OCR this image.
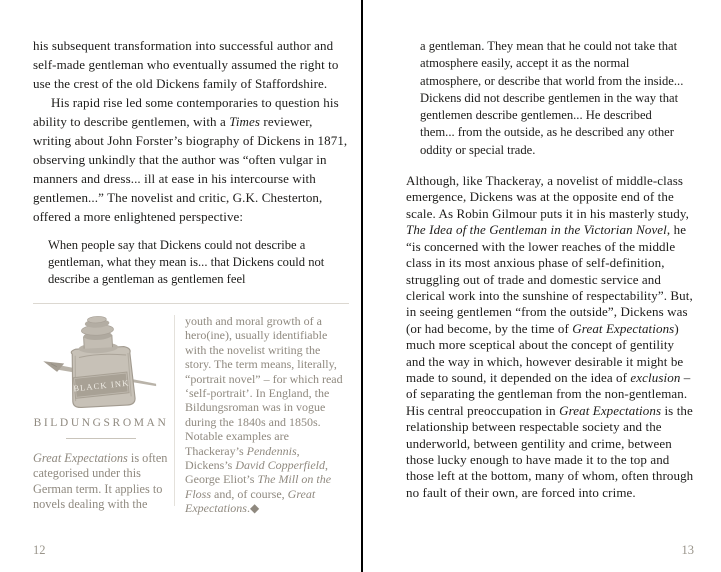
his subsequent transformation into successful author and self-made gentleman who eventually assumed the right to use the crest of the old Dickens family of Staffordshire.

His rapid rise led some contemporaries to question his ability to describe gentlemen, with a Times reviewer, writing about John Forster’s biography of Dickens in 1871, observing unkindly that the author was “often vulgar in manners and dress... ill at ease in his intercourse with gentlemen...” The novelist and critic, G.K. Chesterton, offered a more enlightened perspective:

When people say that Dickens could not describe a gentleman, what they mean is... that Dickens could not describe a gentleman as gentlemen feel
BLACK INK
BILDUNGSROMAN

Great Expectations is often categorised under this German term. It applies to novels dealing with the

youth and moral growth of a hero(ine), usually identifiable with the novelist writing the story. The term means, literally, “portrait novel” – for which read ‘self-portrait’. In England, the Bildungsroman was in vogue during the 1840s and 1850s. Notable examples are Thackeray’s Pendennis, Dickens’s David Copperfield, George Eliot’s The Mill on the Floss and, of course, Great Expectations.◆
12
a gentleman. They mean that he could not take that atmosphere easily, accept it as the normal atmosphere, or describe that world from the inside... Dickens did not describe gentlemen in the way that gentlemen describe gentlemen... He described them... from the outside, as he described any other oddity or special trade.

Although, like Thackeray, a novelist of middle-class emergence, Dickens was at the opposite end of the scale. As Robin Gilmour puts it in his masterly study, The Idea of the Gentleman in the Victorian Novel, he “is concerned with the lower reaches of the middle class in its most anxious phase of self-definition, struggling out of trade and domestic service and clerical work into the sunshine of respectability”. But, in seeing gentlemen “from the outside”, Dickens was (or had become, by the time of Great Expectations) much more sceptical about the concept of gentility and the way in which, however desirable it might be made to sound, it depended on the idea of exclusion – of separating the gentleman from the non-gentleman. His central preoccupation in Great Expectations is the relationship between respectable society and the underworld, between gentility and crime, between those lucky enough to have made it to the top and those left at the bottom, many of whom, often through no fault of their own, are forced into crime.

13
